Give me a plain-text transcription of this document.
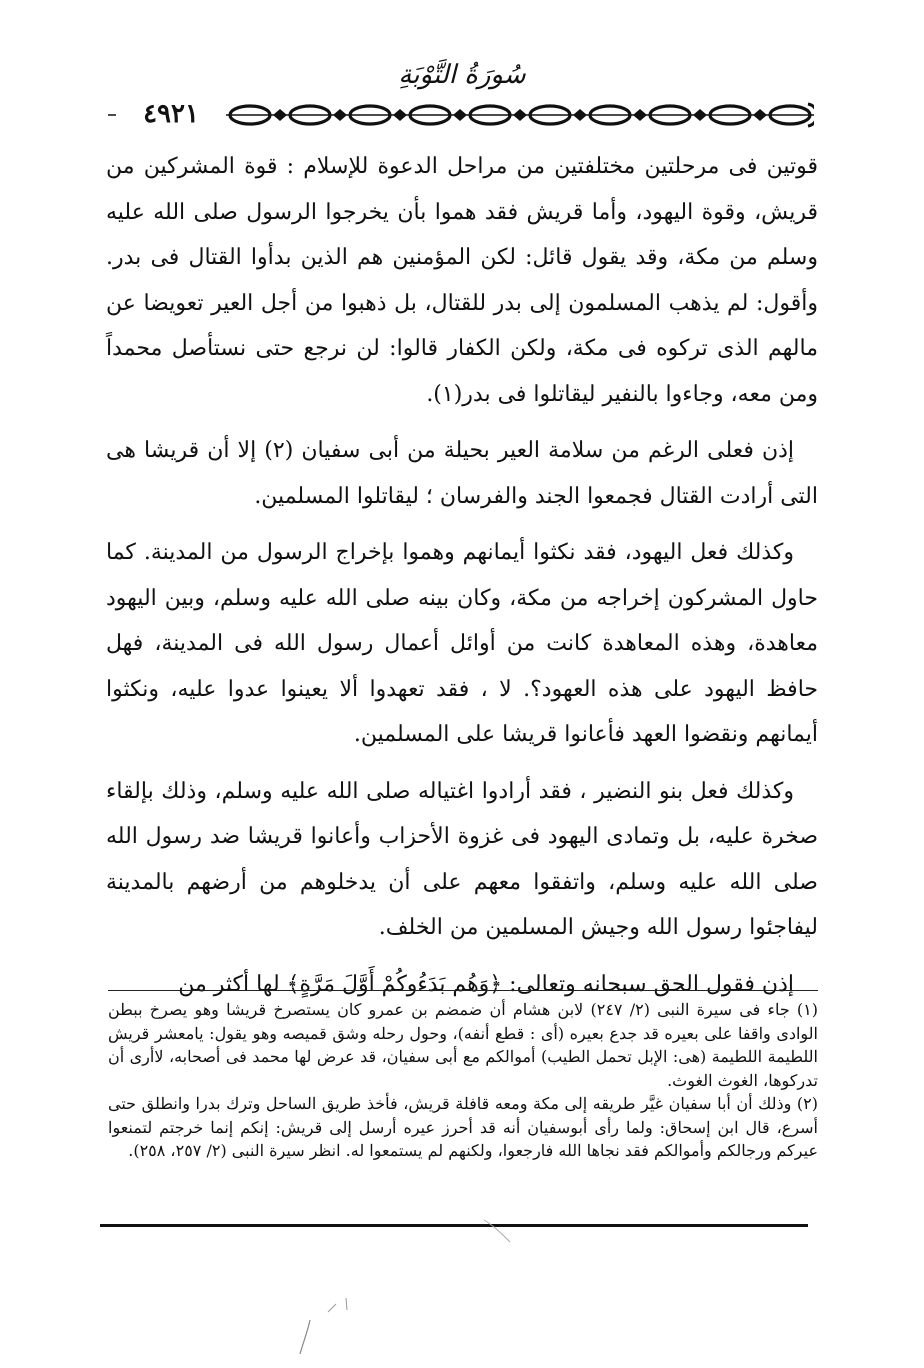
سُورَةُ التَّوْبَةِ
٤٩٢١

قوتين فى مرحلتين مختلفتين من مراحل الدعوة للإسلام : قوة المشركين من قريش، وقوة اليهود، وأما قريش فقد هموا بأن يخرجوا الرسول صلى الله عليه وسلم من مكة، وقد يقول قائل: لكن المؤمنين هم الذين بدأوا القتال فى بدر. وأقول: لم يذهب المسلمون إلى بدر للقتال، بل ذهبوا من أجل العير تعويضا عن مالهم الذى تركوه فى مكة، ولكن الكفار قالوا: لن نرجع حتى نستأصل محمداً ومن معه، وجاءوا بالنفير ليقاتلوا فى بدر(١).

إذن فعلى الرغم من سلامة العير بحيلة من أبى سفيان (٢) إلا أن قريشا هى التى أرادت القتال فجمعوا الجند والفرسان ؛ ليقاتلوا المسلمين.

وكذلك فعل اليهود، فقد نكثوا أيمانهم وهموا بإخراج الرسول من المدينة. كما حاول المشركون إخراجه من مكة، وكان بينه صلى الله عليه وسلم، وبين اليهود معاهدة، وهذه المعاهدة كانت من أوائل أعمال رسول الله فى المدينة، فهل حافظ اليهود على هذه العهود؟. لا ، فقد تعهدوا ألا يعينوا عدوا عليه، ونكثوا أيمانهم ونقضوا العهد فأعانوا قريشا على المسلمين.

وكذلك فعل بنو النضير ، فقد أرادوا اغتياله صلى الله عليه وسلم، وذلك بإلقاء صخرة عليه، بل وتمادى اليهود فى غزوة الأحزاب وأعانوا قريشا ضد رسول الله صلى الله عليه وسلم، واتفقوا معهم على أن يدخلوهم من أرضهم بالمدينة ليفاجئوا رسول الله وجيش المسلمين من الخلف.

إذن فقول الحق سبحانه وتعالى: ﴿وَهُم بَدَءُوكُمْ أَوَّلَ مَرَّةٍ﴾ لها أكثر من

(١) جاء فى سيرة النبى (٢/ ٢٤٧) لابن هشام أن ضمضم بن عمرو كان يستصرخ قريشا وهو يصرخ ببطن الوادى واقفا على بعيره قد جدع بعيره (أى : قطع أنفه)، وحول رحله وشق قميصه وهو يقول: يامعشر قريش اللطيمة اللطيمة (هى: الإبل تحمل الطيب) أموالكم مع أبى سفيان، قد عرض لها محمد فى أصحابه، لاأرى أن تدركوها، الغوث الغوث.

(٢) وذلك أن أبا سفيان غيَّر طريقه إلى مكة ومعه قافلة قريش، فأخذ طريق الساحل وترك بدرا وانطلق حتى أسرع، قال ابن إسحاق: ولما رأى أبوسفيان أنه قد أحرز عيره أرسل إلى قريش: إنكم إنما خرجتم لتمنعوا عيركم ورجالكم وأموالكم فقد نجاها الله فارجعوا، ولكنهم لم يستمعوا له. انظر سيرة النبى (٢/ ٢٥٧، ٢٥٨).
